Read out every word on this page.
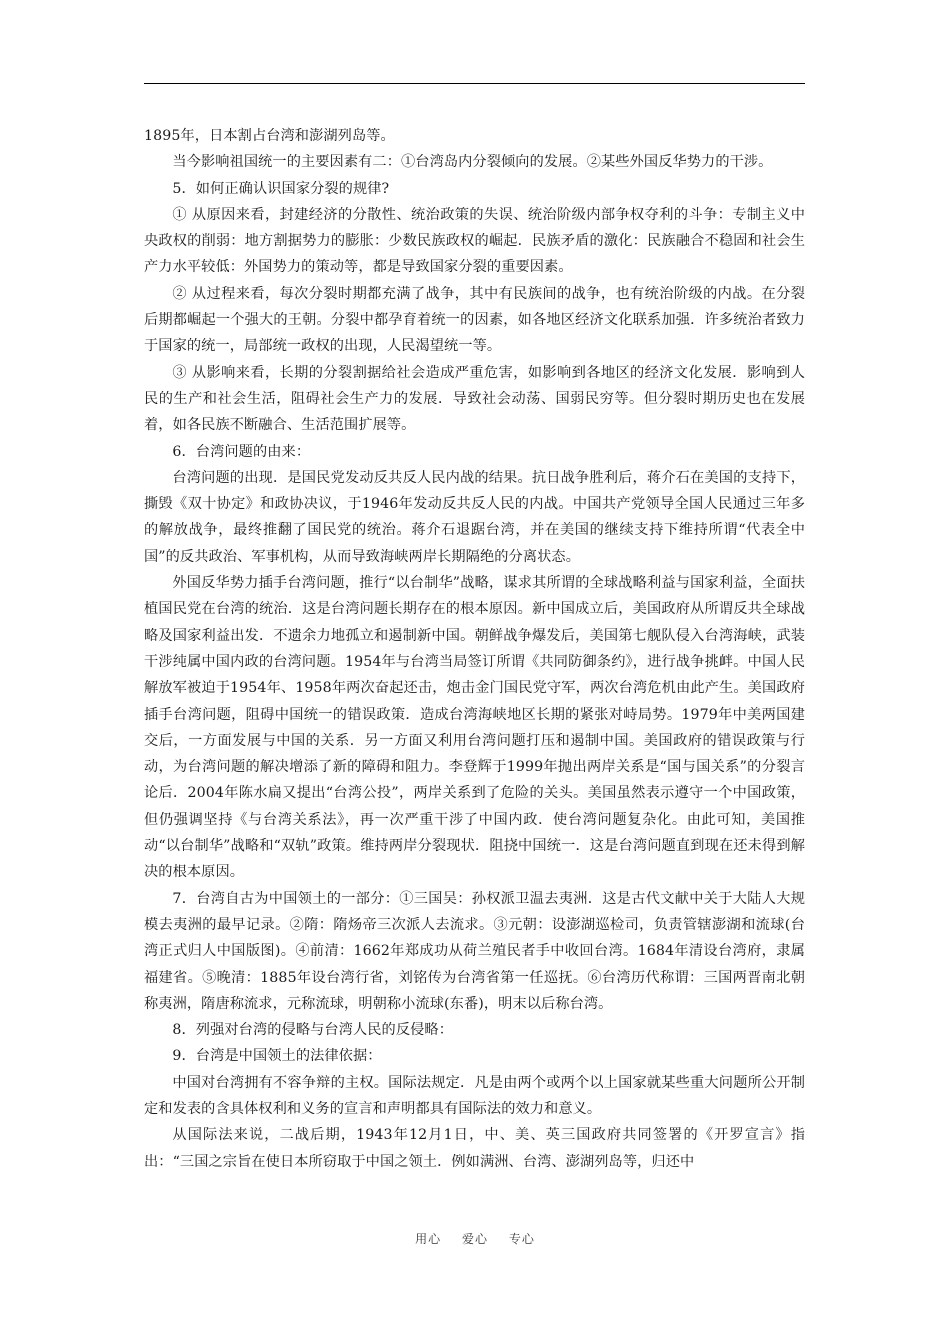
1895年，日本割占台湾和澎湖列岛等。

当今影响祖国统一的主要因素有二：①台湾岛内分裂倾向的发展。②某些外国反华势力的干涉。

5．如何正确认识国家分裂的规律?

① 从原因来看，封建经济的分散性、统治政策的失误、统治阶级内部争权夺利的斗争：专制主义中央政权的削弱：地方割据势力的膨胀：少数民族政权的崛起．民族矛盾的激化：民族融合不稳固和社会生产力水平较低：外国势力的策动等，都是导致国家分裂的重要因素。

② 从过程来看，每次分裂时期都充满了战争，其中有民族间的战争，也有统治阶级的内战。在分裂后期都崛起一个强大的王朝。分裂中都孕育着统一的因素，如各地区经济文化联系加强．许多统治者致力于国家的统一，局部统一政权的出现，人民渴望统一等。

③ 从影响来看，长期的分裂割据给社会造成严重危害，如影响到各地区的经济文化发展．影响到人民的生产和社会生活，阻碍社会生产力的发展．导致社会动荡、国弱民穷等。但分裂时期历史也在发展着，如各民族不断融合、生活范围扩展等。

6．台湾问题的由来：

台湾问题的出现．是国民党发动反共反人民内战的结果。抗日战争胜利后，蒋介石在美国的支持下，撕毁《双十协定》和政协决议，于1946年发动反共反人民的内战。中国共产党领导全国人民通过三年多的解放战争，最终推翻了国民党的统治。蒋介石退踞台湾，并在美国的继续支持下维持所谓“代表全中国”的反共政治、军事机构，从而导致海峡两岸长期隔绝的分离状态。

外国反华势力插手台湾问题，推行“以台制华”战略，谋求其所谓的全球战略利益与国家利益，全面扶植国民党在台湾的统治．这是台湾问题长期存在的根本原因。新中国成立后，美国政府从所谓反共全球战略及国家利益出发．不遗余力地孤立和遏制新中国。朝鲜战争爆发后，美国第七舰队侵入台湾海峡，武装干涉纯属中国内政的台湾问题。1954年与台湾当局签订所谓《共同防御条约》，进行战争挑衅。中国人民解放军被迫于1954年、1958年两次奋起还击，炮击金门国民党守军，两次台湾危机由此产生。美国政府插手台湾问题，阻碍中国统一的错误政策．造成台湾海峡地区长期的紧张对峙局势。1979年中美两国建交后，一方面发展与中国的关系．另一方面又利用台湾问题打压和遏制中国。美国政府的错误政策与行动，为台湾问题的解决增添了新的障碍和阻力。李登辉于1999年抛出两岸关系是“国与国关系”的分裂言论后．2004年陈水扁又提出“台湾公投”，两岸关系到了危险的关头。美国虽然表示遵守一个中国政策，但仍强调坚持《与台湾关系法》，再一次严重干涉了中国内政．使台湾问题复杂化。由此可知，美国推动“以台制华”战略和“双轨”政策。维持两岸分裂现状．阻挠中国统一．这是台湾问题直到现在还未得到解决的根本原因。

7．台湾自古为中国领土的一部分：①三国吴：孙权派卫温去夷洲．这是古代文献中关于大陆人大规模去夷洲的最早记录。②隋：隋炀帝三次派人去流求。③元朝：设澎湖巡检司，负责管辖澎湖和流球(台湾正式归人中国版图)。④前清：1662年郑成功从荷兰殖民者手中收回台湾。1684年清设台湾府，隶属福建省。⑤晚清：1885年设台湾行省，刘铭传为台湾省第一任巡抚。⑥台湾历代称谓：三国两晋南北朝称夷洲，隋唐称流求，元称流球，明朝称小流球(东番)，明末以后称台湾。

8．列强对台湾的侵略与台湾人民的反侵略：

9．台湾是中国领土的法律依据：

中国对台湾拥有不容争辩的主权。国际法规定．凡是由两个或两个以上国家就某些重大问题所公开制定和发表的含具体权利和义务的宣言和声明都具有国际法的效力和意义。

从国际法来说，二战后期，1943年12月1日，中、美、英三国政府共同签署的《开罗宣言》指出：“三国之宗旨在使日本所窃取于中国之领土．例如满洲、台湾、澎湖列岛等，归还中

用心 爱心 专心
